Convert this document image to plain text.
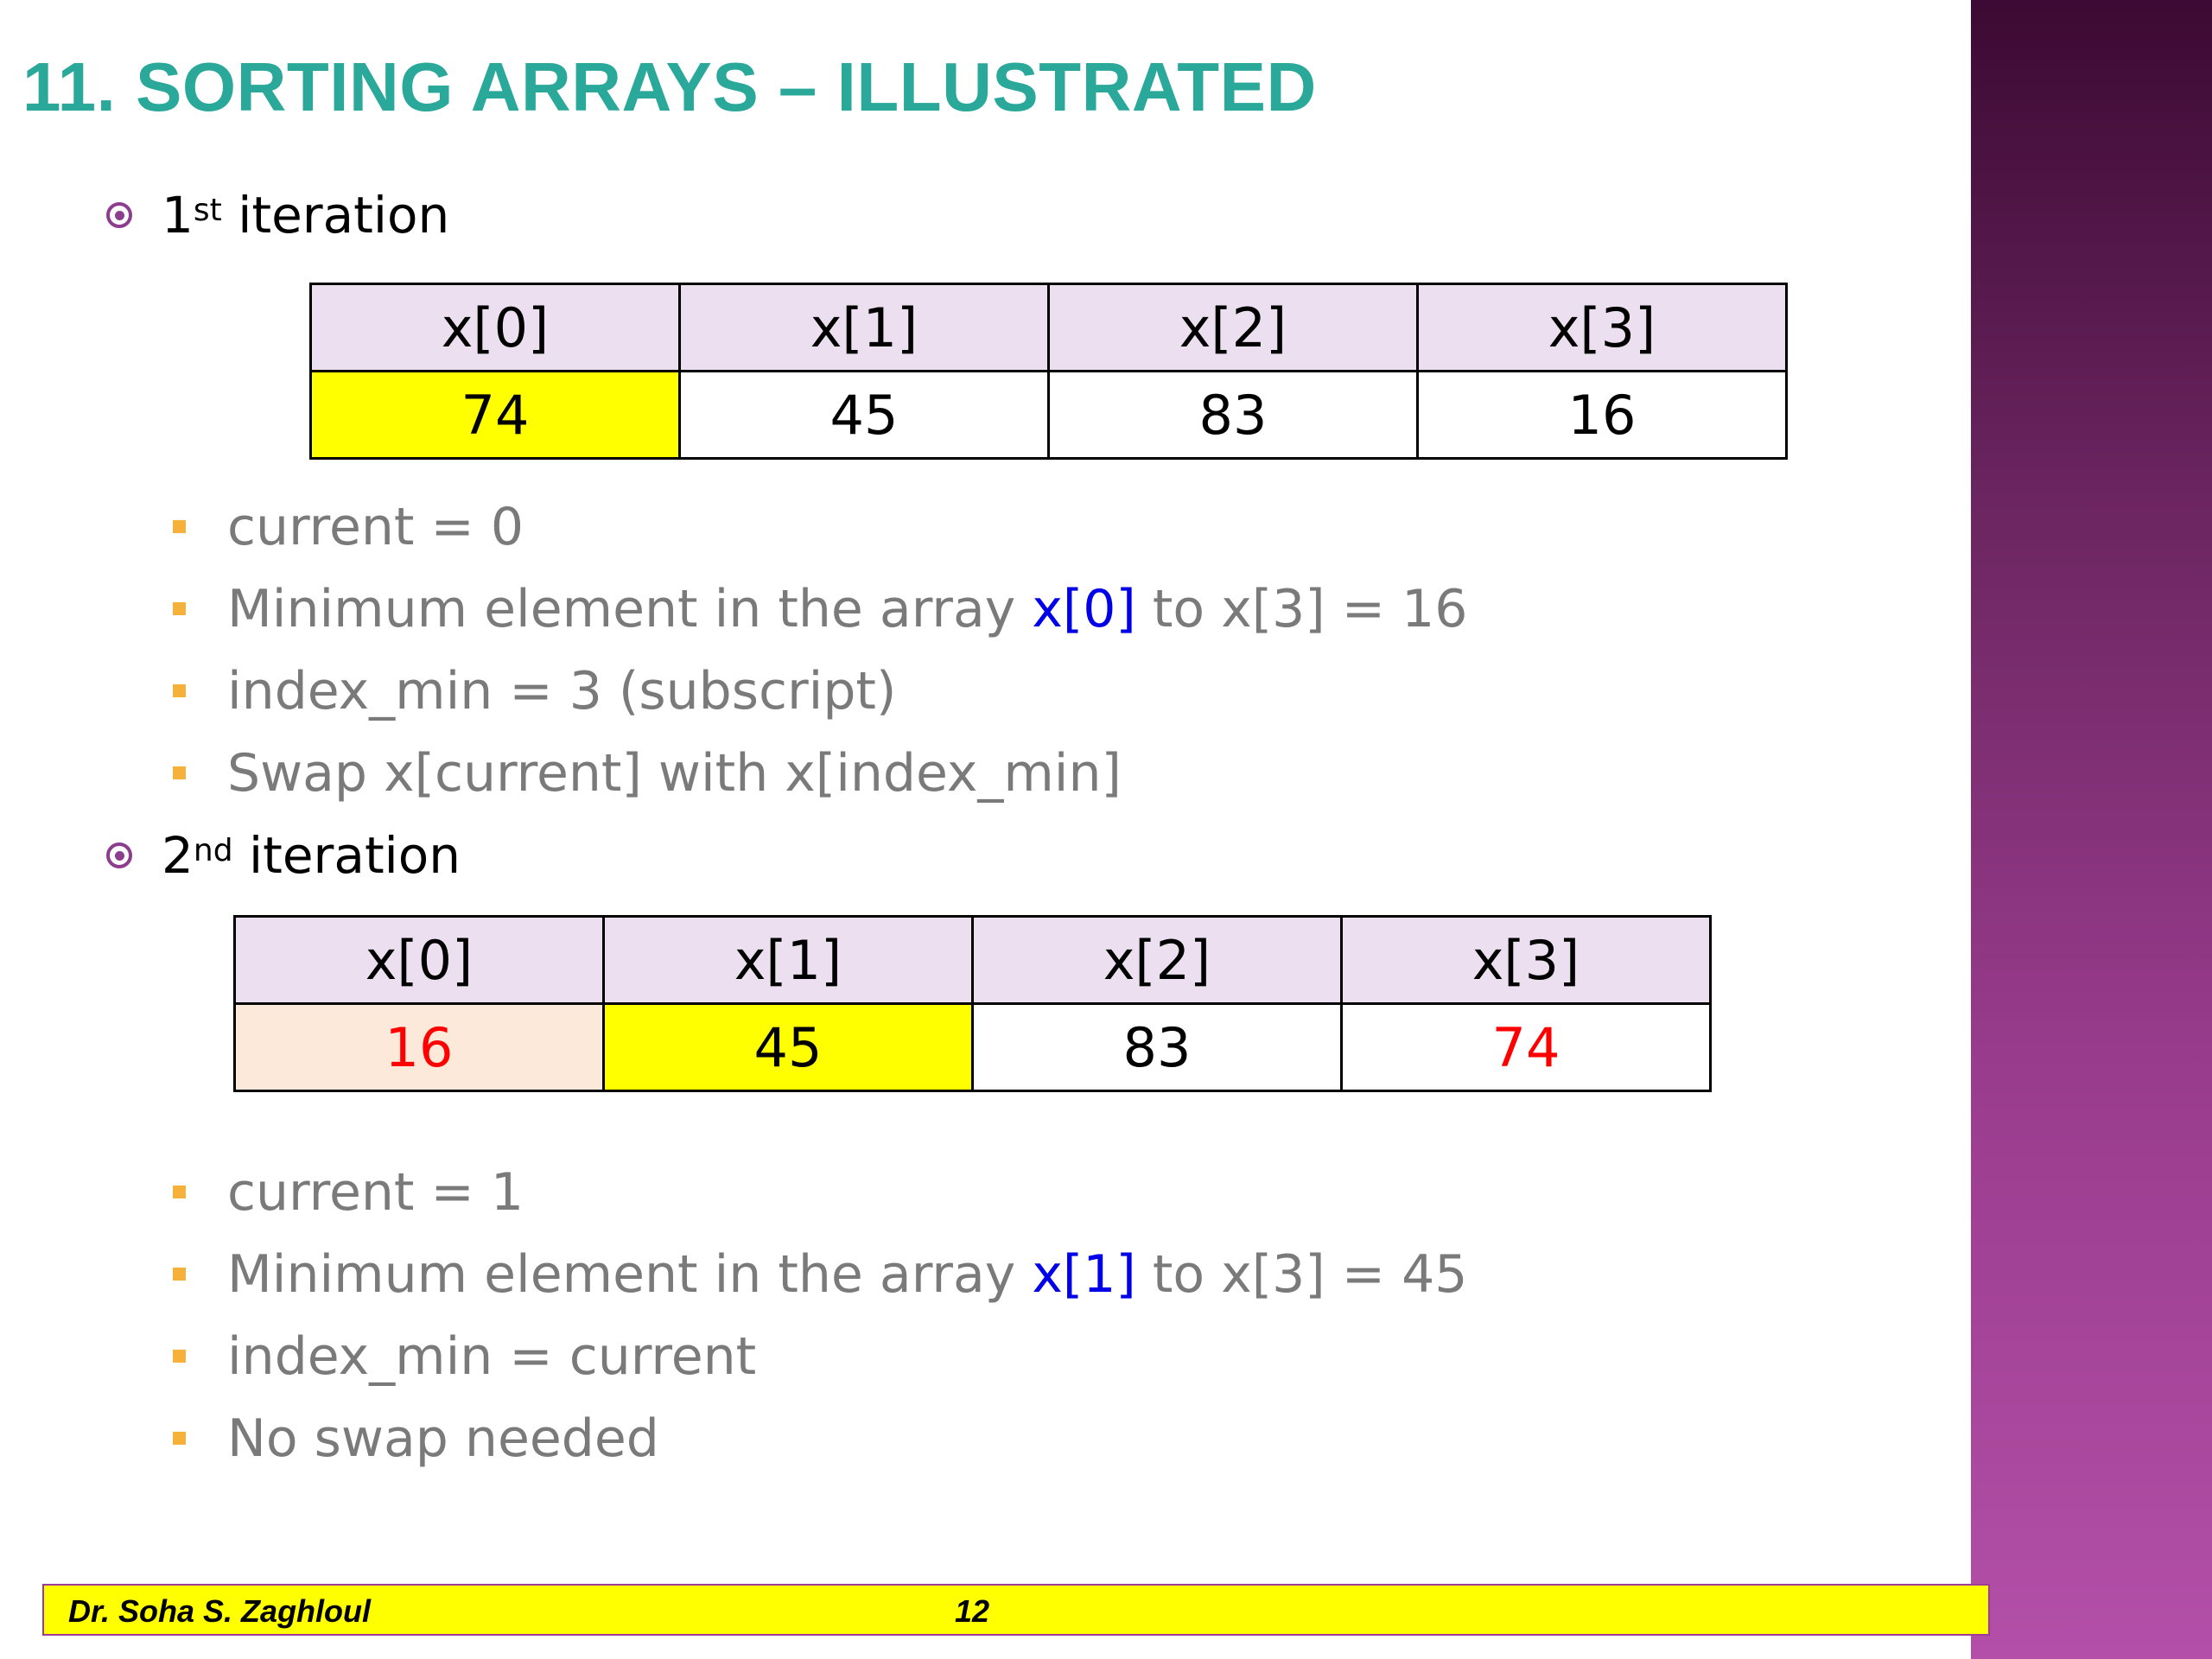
11. SORTING ARRAYS – ILLUSTRATED
1st
iteration
x[0]	x[1]	x[2]	x[3]
74	45	83	16
current = 0
Minimum element in the array x[0] to x[3] = 16
index_min = 3 (subscript)
Swap x[current] with x[index_min]
2nd
iteration
x[0]	x[1]	x[2]	x[3]
16	45	83	74
current = 1
Minimum element in the array x[1] to x[3] = 45
index_min = current
No swap needed
Dr. Soha S. Zaghloul	12
